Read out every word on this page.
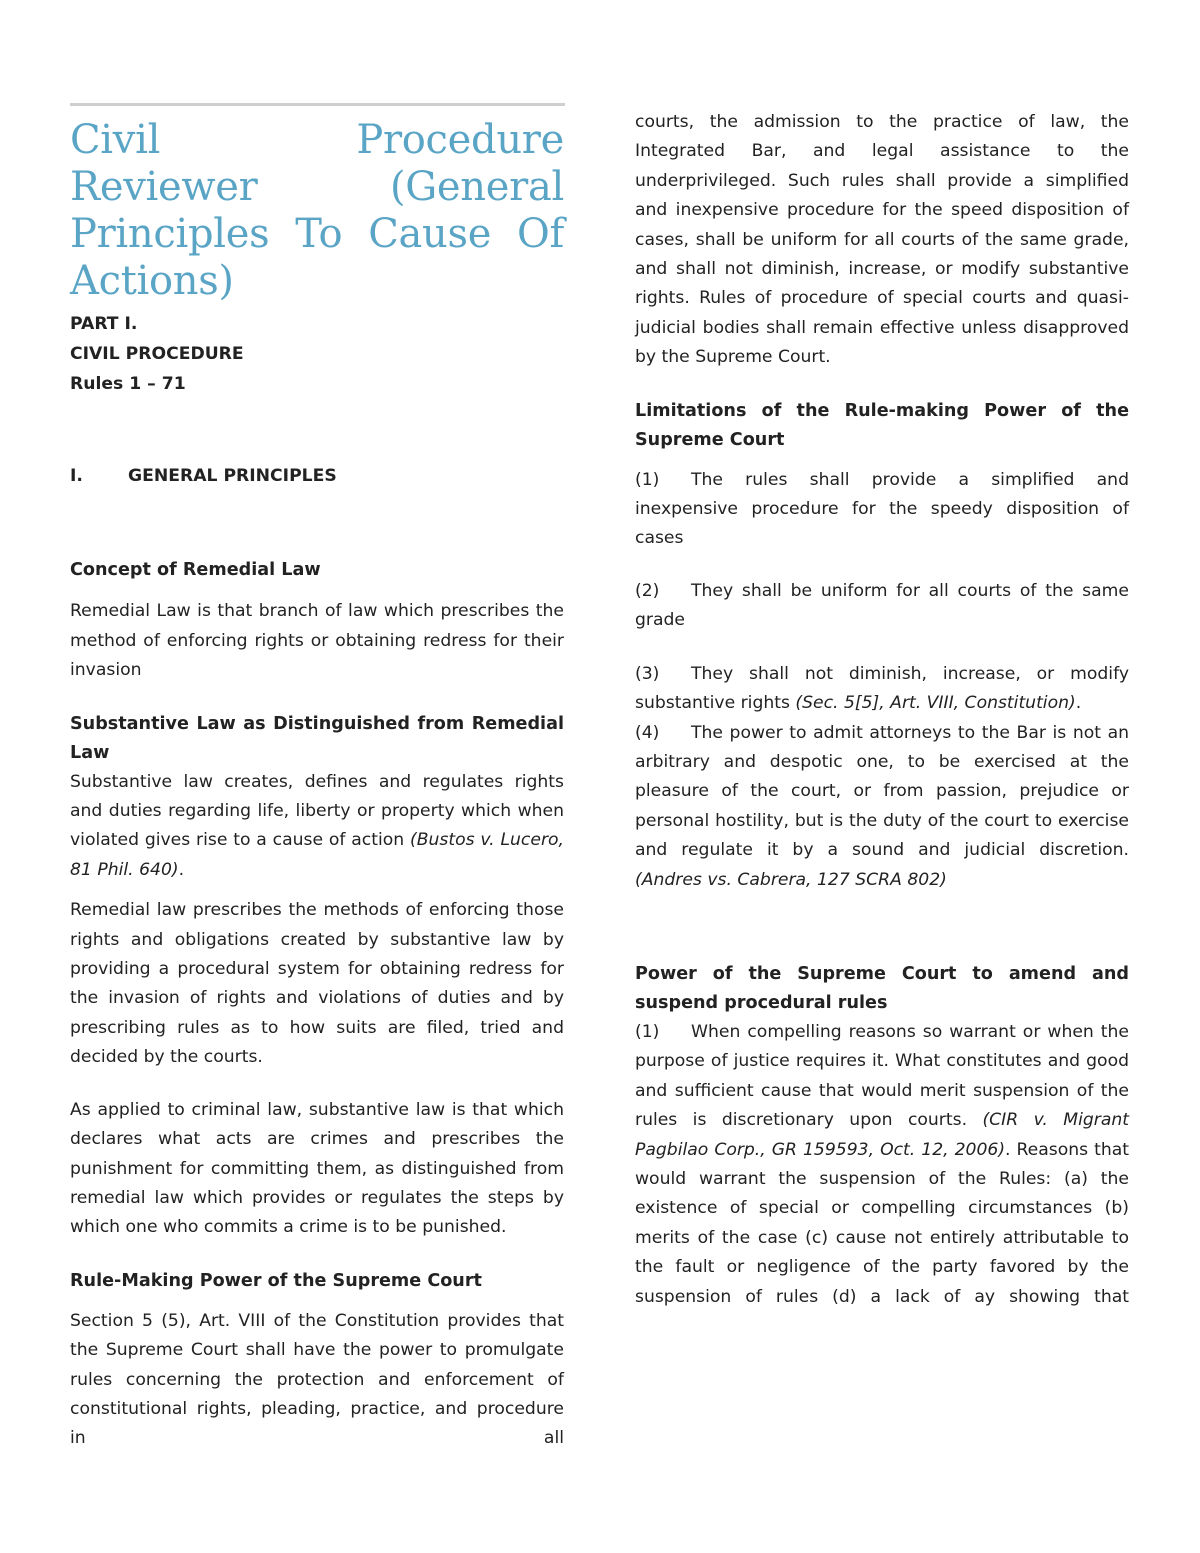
Civil Procedure Reviewer (General Principles To Cause Of Actions)
PART I.
CIVIL PROCEDURE
Rules 1 – 71
I.	GENERAL PRINCIPLES
Concept of Remedial Law
Remedial Law is that branch of law which prescribes the method of enforcing rights or obtaining redress for their invasion
Substantive Law as Distinguished from Remedial Law
Substantive law creates, defines and regulates rights and duties regarding life, liberty or property which when violated gives rise to a cause of action (Bustos v. Lucero, 81 Phil. 640).
Remedial law prescribes the methods of enforcing those rights and obligations created by substantive law by providing a procedural system for obtaining redress for the invasion of rights and violations of duties and by prescribing rules as to how suits are filed, tried and decided by the courts.
As applied to criminal law, substantive law is that which declares what acts are crimes and prescribes the punishment for committing them, as distinguished from remedial law which provides or regulates the steps by which one who commits a crime is to be punished.
Rule-Making Power of the Supreme Court
Section 5 (5), Art. VIII of the Constitution provides that the Supreme Court shall have the power to promulgate rules concerning the protection and enforcement of constitutional rights, pleading, practice, and procedure in all
courts, the admission to the practice of law, the Integrated Bar, and legal assistance to the underprivileged. Such rules shall provide a simplified and inexpensive procedure for the speed disposition of cases, shall be uniform for all courts of the same grade, and shall not diminish, increase, or modify substantive rights. Rules of procedure of special courts and quasi-judicial bodies shall remain effective unless disapproved by the Supreme Court.
Limitations of the Rule-making Power of the Supreme Court
(1) The rules shall provide a simplified and inexpensive procedure for the speedy disposition of cases
(2) They shall be uniform for all courts of the same grade
(3) They shall not diminish, increase, or modify substantive rights (Sec. 5[5], Art. VIII, Constitution).
(4) The power to admit attorneys to the Bar is not an arbitrary and despotic one, to be exercised at the pleasure of the court, or from passion, prejudice or personal hostility, but is the duty of the court to exercise and regulate it by a sound and judicial discretion. (Andres vs. Cabrera, 127 SCRA 802)
Power of the Supreme Court to amend and suspend procedural rules
(1) When compelling reasons so warrant or when the purpose of justice requires it. What constitutes and good and sufficient cause that would merit suspension of the rules is discretionary upon courts. (CIR v. Migrant Pagbilao Corp., GR 159593, Oct. 12, 2006). Reasons that would warrant the suspension of the Rules: (a) the existence of special or compelling circumstances (b) merits of the case (c) cause not entirely attributable to the fault or negligence of the party favored by the suspension of rules (d) a lack of ay showing that
